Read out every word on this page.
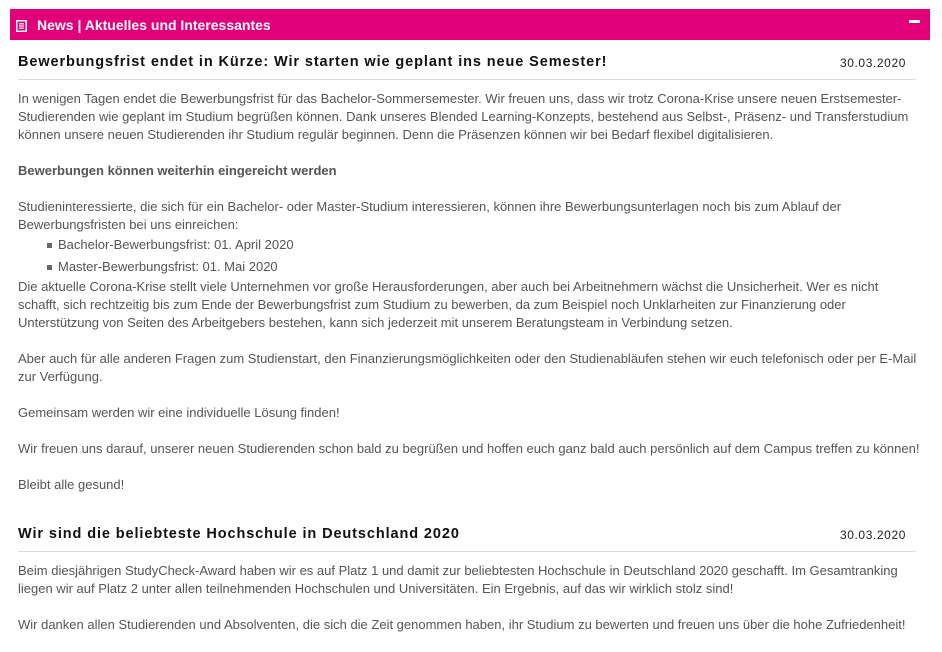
News | Aktuelles und Interessantes
Bewerbungsfrist endet in Kürze: Wir starten wie geplant ins neue Semester!	30.03.2020

In wenigen Tagen endet die Bewerbungsfrist für das Bachelor-Sommersemester. Wir freuen uns, dass wir trotz Corona-Krise unsere neuen Erstsemester-Studierenden wie geplant im Studium begrüßen können. Dank unseres Blended Learning-Konzepts, bestehend aus Selbst-, Präsenz- und Transferstudium können unsere neuen Studierenden ihr Studium regulär beginnen. Denn die Präsenzen können wir bei Bedarf flexibel digitalisieren.

Bewerbungen können weiterhin eingereicht werden

Studieninteressierte, die sich für ein Bachelor- oder Master-Studium interessieren, können ihre Bewerbungsunterlagen noch bis zum Ablauf der Bewerbungsfristen bei uns einreichen:

Bachelor-Bewerbungsfrist: 01. April 2020
Master-Bewerbungsfrist: 01. Mai 2020

Die aktuelle Corona-Krise stellt viele Unternehmen vor große Herausforderungen, aber auch bei Arbeitnehmern wächst die Unsicherheit. Wer es nicht schafft, sich rechtzeitig bis zum Ende der Bewerbungsfrist zum Studium zu bewerben, da zum Beispiel noch Unklarheiten zur Finanzierung oder Unterstützung von Seiten des Arbeitgebers bestehen, kann sich jederzeit mit unserem Beratungsteam in Verbindung setzen.

Aber auch für alle anderen Fragen zum Studienstart, den Finanzierungsmöglichkeiten oder den Studienabläufen stehen wir euch telefonisch oder per E-Mail zur Verfügung.

Gemeinsam werden wir eine individuelle Lösung finden!

Wir freuen uns darauf, unserer neuen Studierenden schon bald zu begrüßen und hoffen euch ganz bald auch persönlich auf dem Campus treffen zu können!

Bleibt alle gesund!

Wir sind die beliebteste Hochschule in Deutschland 2020	30.03.2020

Beim diesjährigen StudyCheck-Award haben wir es auf Platz 1 und damit zur beliebtesten Hochschule in Deutschland 2020 geschafft. Im Gesamtranking liegen wir auf Platz 2 unter allen teilnehmenden Hochschulen und Universitäten. Ein Ergebnis, auf das wir wirklich stolz sind!

Wir danken allen Studierenden und Absolventen, die sich die Zeit genommen haben, ihr Studium zu bewerten und freuen uns über die hohe Zufriedenheit!
